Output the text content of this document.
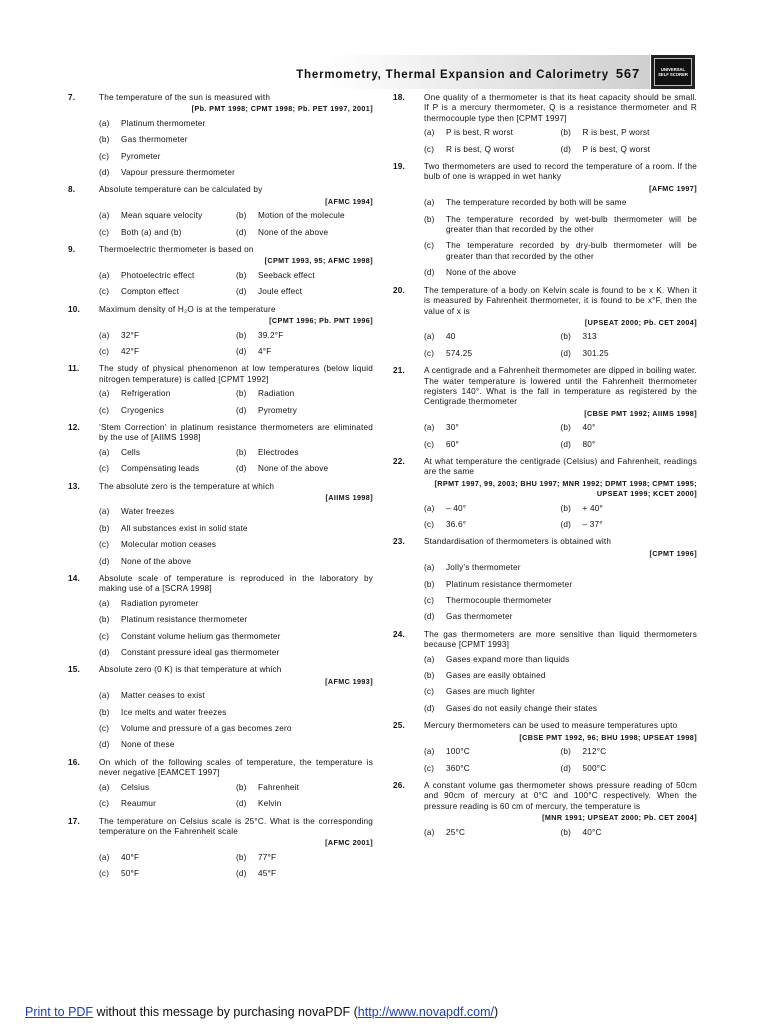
Thermometry, Thermal Expansion and Calorimetry 567	UNIVERSAL
SELF SCORER
7.	The temperature of the sun is measured with
[Pb. PMT 1998; CPMT 1998; Pb. PET 1997, 2001]
(a)	Platinum thermometer
(b)	Gas thermometer
(c)	Pyrometer
(d)	Vapour pressure thermometer
8.	Absolute temperature can be calculated by
[AFMC 1994]
(a)	Mean square velocity	(b)	Motion of the molecule
(c)	Both (a) and (b)	(d)	None of the above
9.	Thermoelectric thermometer is based on
[CPMT 1993, 95; AFMC 1998]
(a)	Photoelectric effect	(b)	Seeback effect
(c)	Compton effect	(d)	Joule effect
10. Maximum density of H₂O is at the temperature
[CPMT 1996; Pb. PMT 1996]
(a)	32°F	(b)	39.2°F
(c)	42°F	(d)	4°F
11. The study of physical phenomenon at low temperatures (below liquid nitrogen temperature) is called [CPMT 1992]
(a)	Refrigeration	(b)	Radiation
(c)	Cryogenics	(d)	Pyrometry
12. ‘Stem Correction’ in platinum resistance thermometers are eliminated by the use of [AIIMS 1998]
(a)	Cells	(b)	Electrodes
(c)	Compensating leads	(d)	None of the above
13. The absolute zero is the temperature at which
[AIIMS 1998]
(a)	Water freezes
(b)	All substances exist in solid state
(c)	Molecular motion ceases
(d)	None of the above
14. Absolute scale of temperature is reproduced in the laboratory by making use of a [SCRA 1998]
(a)	Radiation pyrometer
(b)	Platinum resistance thermometer
(c)	Constant volume helium gas thermometer
(d)	Constant pressure ideal gas thermometer
15. Absolute zero (0 K) is that temperature at which
[AFMC 1993]
(a)	Matter ceases to exist
(b)	Ice melts and water freezes
(c)	Volume and pressure of a gas becomes zero
(d)	None of these
16. On which of the following scales of temperature, the temperature is never negative [EAMCET 1997]
(a)	Celsius	(b)	Fahrenheit
(c)	Reaumur	(d)	Kelvin
17. The temperature on Celsius scale is 25°C. What is the corresponding temperature on the Fahrenheit scale
[AFMC 2001]
(a)	40°F	(b)	77°F
(c)	50°F	(d)	45°F
18. One quality of a thermometer is that its heat capacity should be small. If P is a mercury thermometer, Q is a resistance thermometer and R thermocouple type then [CPMT 1997]
(a)	P is best, R worst	(b)	R is best, P worst
(c)	R is best, Q worst	(d)	P is best, Q worst
19. Two thermometers are used to record the temperature of a room. If the bulb of one is wrapped in wet hanky
[AFMC 1997]
(a)	The temperature recorded by both will be same
(b)	The temperature recorded by wet-bulb thermometer will be greater than that recorded by the other
(c)	The temperature recorded by dry-bulb thermometer will be greater than that recorded by the other
(d)	None of the above
20. The temperature of a body on Kelvin scale is found to be x K. When it is measured by Fahrenheit thermometer, it is found to be x°F, then the value of x is
[UPSEAT 2000; Pb. CET 2004]
(a)	40	(b)	313
(c)	574.25	(d)	301.25
21. A centigrade and a Fahrenheit thermometer are dipped in boiling water. The water temperature is lowered until the Fahrenheit thermometer registers 140°. What is the fall in temperature as registered by the Centigrade thermometer
[CBSE PMT 1992; AIIMS 1998]
(a)	30°	(b)	40°
(c)	60°	(d)	80°
22. At what temperature the centigrade (Celsius) and Fahrenheit, readings are the same
[RPMT 1997, 99, 2003; BHU 1997; MNR 1992; DPMT 1998; CPMT 1995; UPSEAT 1999; KCET 2000]
(a)	– 40°	(b)	+ 40°
(c)	36.6°	(d)	– 37°
23. Standardisation of thermometers is obtained with
[CPMT 1996]
(a)	Jolly’s thermometer
(b)	Platinum resistance thermometer
(c)	Thermocouple thermometer
(d)	Gas thermometer
24. The gas thermometers are more sensitive than liquid thermometers because [CPMT 1993]
(a)	Gases expand more than liquids
(b)	Gases are easily obtained
(c)	Gases are much lighter
(d)	Gases do not easily change their states
25. Mercury thermometers can be used to measure temperatures upto
[CBSE PMT 1992, 96; BHU 1998; UPSEAT 1998]
(a)	100°C	(b)	212°C
(c)	360°C	(d)	500°C
26. A constant volume gas thermometer shows pressure reading of 50cm and 90cm of mercury at 0°C and 100°C respectively. When the pressure reading is 60 cm of mercury, the temperature is
[MNR 1991; UPSEAT 2000; Pb. CET 2004]
(a)	25°C	(b)	40°C
Print to PDF without this message by purchasing novaPDF (http://www.novapdf.com/)
